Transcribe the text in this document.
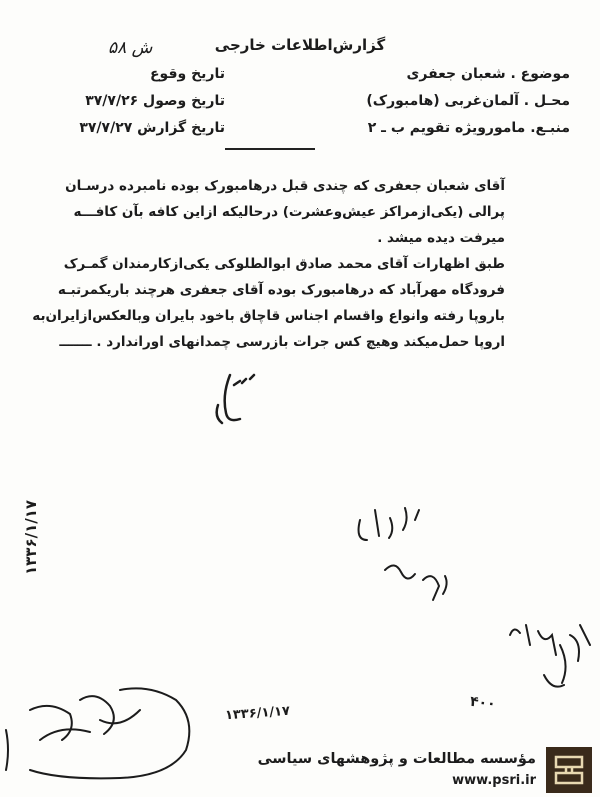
گزارش‌اطلاعات خارجی
ش ۵۸
تاریخ وقوع
تاریخ وصول ۳۷/۷/۲۶
تاریخ گزارش ۳۷/۷/۲۷
موضوع . شعبان جعفری
محـل . آلمان‌غربی (هامبورک)
منبـع. مامورویژه تقویم ب ـ ۲
آقای شعبان جعفری که چندی قبل درهامبورک بوده نامبرده درسـان
پرالی (یکی‌ازمراکز عیش‌وعشرت) درحالیکه ازاین کافه بآن کافـــه
میرفت دیده میشد .
طبق اظهارات آقای محمد صادق ابوالطلوکی یکی‌ازکارمندان گمـرک
فرودگاه مهرآباد که درهامبورک بوده آقای جعفری هرچند باریکمرتبـه
باروپا رفته وانواع واقسام اجناس قاچاق باخود بایران وبالعکس‌ازایران‌به
اروپا حمل‌میکند وهیچ کس جرات بازرسی چمدانهای اوراندارد . ـــــــ
۱۳۳۶/۱/۱۷
۱۳۳۶/۱/۱۷
۴۰۰
مؤسسه مطالعات و پژوهشهای سیاسی
www.psri.ir
